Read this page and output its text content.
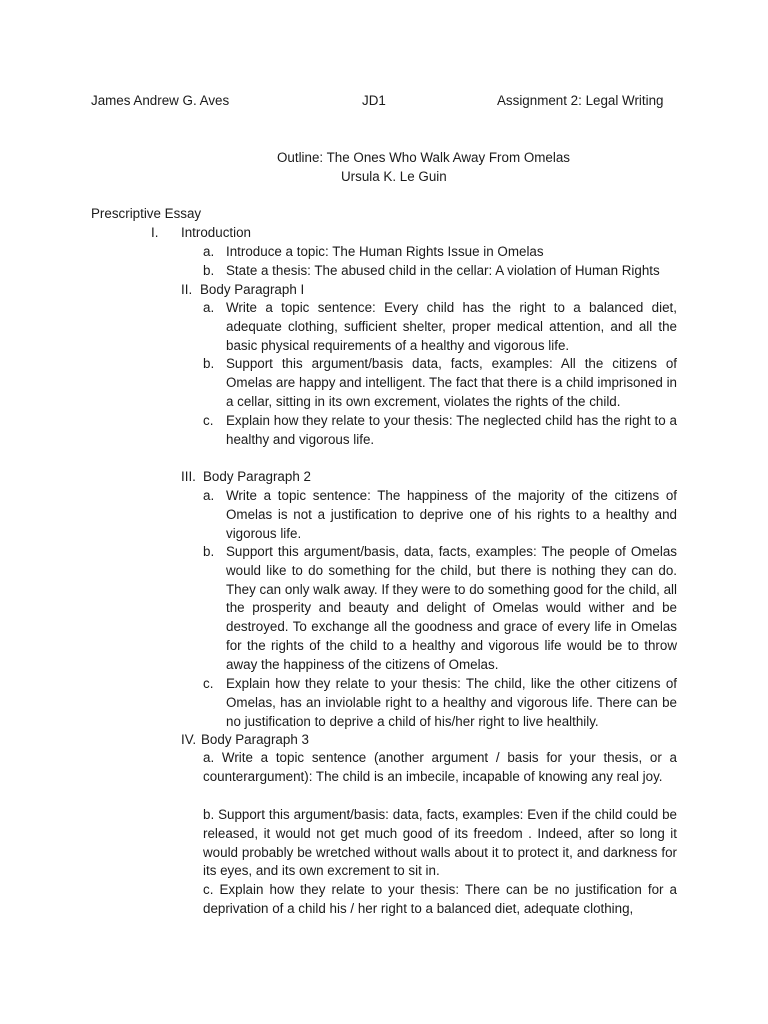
James Andrew G. Aves	JD1	Assignment 2: Legal Writing
Outline: The Ones Who Walk Away From Omelas
Ursula K. Le Guin
Prescriptive Essay
I. Introduction
a. Introduce a topic: The Human Rights Issue in Omelas
b. State a thesis: The abused child in the cellar: A violation of Human Rights
II. Body Paragraph I
a. Write a topic sentence: Every child has the right to a balanced diet, adequate clothing, sufficient shelter, proper medical attention, and all the basic physical requirements of a healthy and vigorous life.
b. Support this argument/basis data, facts, examples: All the citizens of Omelas are happy and intelligent. The fact that there is a child imprisoned in a cellar, sitting in its own excrement, violates the rights of the child.
c. Explain how they relate to your thesis: The neglected child has the right to a healthy and vigorous life.
III. Body Paragraph 2
a. Write a topic sentence: The happiness of the majority of the citizens of Omelas is not a justification to deprive one of his rights to a healthy and vigorous life.
b. Support this argument/basis, data, facts, examples: The people of Omelas would like to do something for the child, but there is nothing they can do. They can only walk away. If they were to do something good for the child, all the prosperity and beauty and delight of Omelas would wither and be destroyed. To exchange all the goodness and grace of every life in Omelas for the rights of the child to a healthy and vigorous life would be to throw away the happiness of the citizens of Omelas.
c. Explain how they relate to your thesis: The child, like the other citizens of Omelas, has an inviolable right to a healthy and vigorous life. There can be no justification to deprive a child of his/her right to live healthily.
IV. Body Paragraph 3
a. Write a topic sentence (another argument / basis for your thesis, or a counterargument): The child is an imbecile, incapable of knowing any real joy.
b. Support this argument/basis: data, facts, examples: Even if the child could be released, it would not get much good of its freedom . Indeed, after so long it would probably be wretched without walls about it to protect it, and darkness for its eyes, and its own excrement to sit in.
c. Explain how they relate to your thesis: There can be no justification for a deprivation of a child his / her right to a balanced diet, adequate clothing,
